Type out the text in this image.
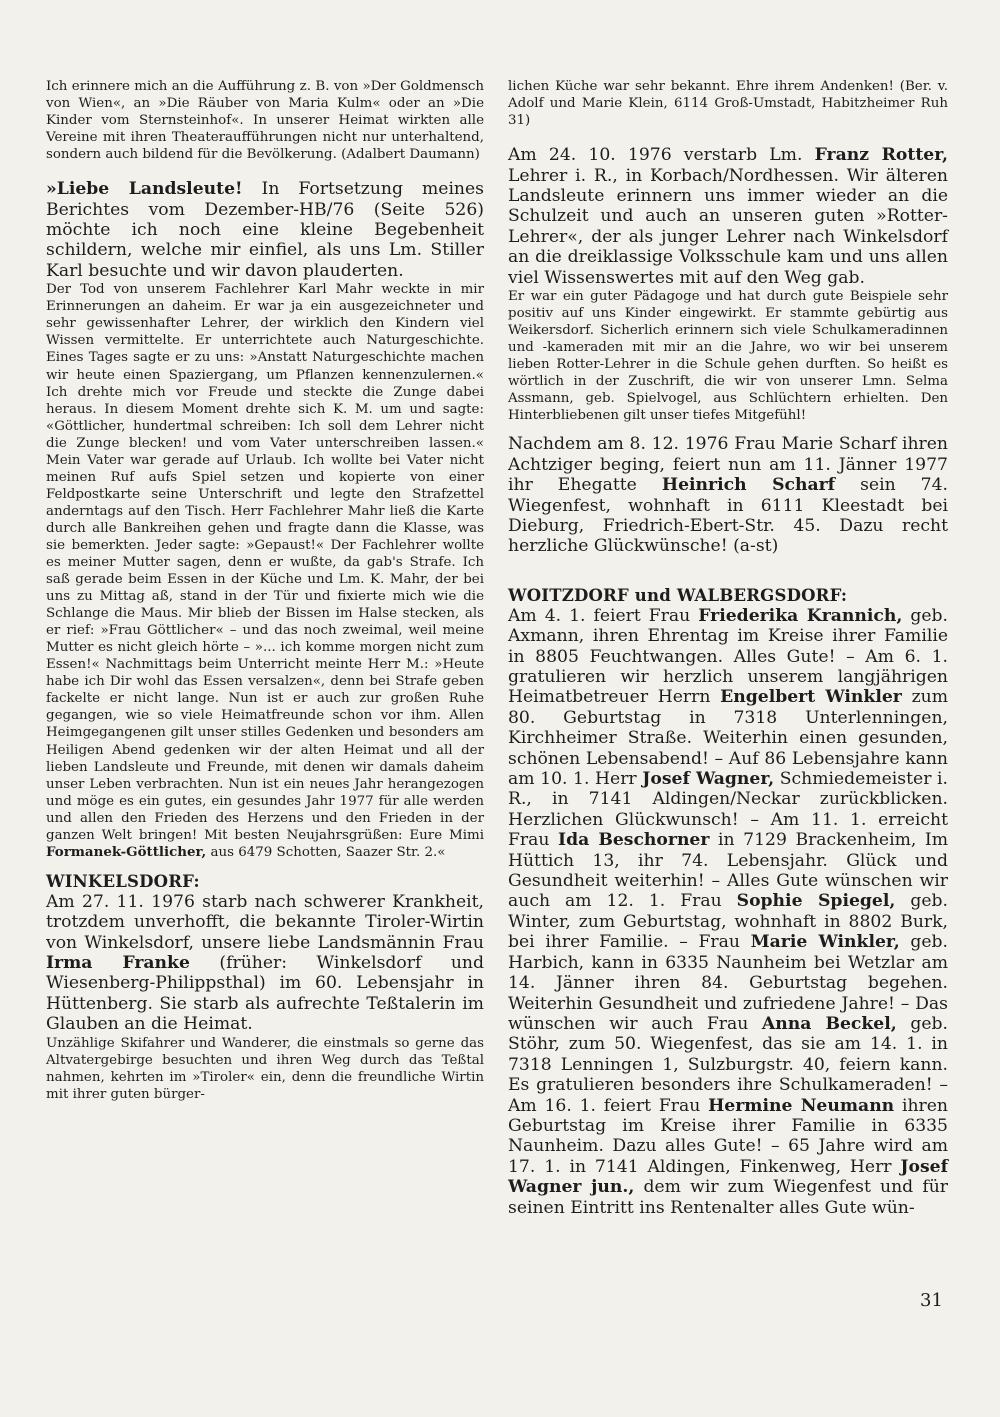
Ich erinnere mich an die Aufführung z. B. von »Der Goldmensch von Wien«, an »Die Räuber von Maria Kulm« oder an »Die Kinder vom Sternsteinhof«. In unserer Heimat wirkten alle Vereine mit ihren Theateraufführungen nicht nur unterhaltend, sondern auch bildend für die Bevölkerung. (Adalbert Daumann)

»Liebe Landsleute! In Fortsetzung meines Berichtes vom Dezember-HB/76 (Seite 526) möchte ich noch eine kleine Begebenheit schildern, welche mir einfiel, als uns Lm. Stiller Karl besuchte und wir davon plauderten.

Der Tod von unserem Fachlehrer Karl Mahr weckte in mir Erinnerungen an daheim. Er war ja ein ausgezeichneter und sehr gewissenhafter Lehrer, der wirklich den Kindern viel Wissen vermittelte. Er unterrichtete auch Naturgeschichte. Eines Tages sagte er zu uns: »Anstatt Naturgeschichte machen wir heute einen Spaziergang, um Pflanzen kennenzulernen.« Ich drehte mich vor Freude und steckte die Zunge dabei heraus. In diesem Moment drehte sich K. M. um und sagte: «Göttlicher, hundertmal schreiben: Ich soll dem Lehrer nicht die Zunge blecken! und vom Vater unterschreiben lassen.« Mein Vater war gerade auf Urlaub. Ich wollte bei Vater nicht meinen Ruf aufs Spiel setzen und kopierte von einer Feldpostkarte seine Unterschrift und legte den Strafzettel anderntags auf den Tisch. Herr Fachlehrer Mahr ließ die Karte durch alle Bankreihen gehen und fragte dann die Klasse, was sie bemerkten. Jeder sagte: »Gepaust!« Der Fachlehrer wollte es meiner Mutter sagen, denn er wußte, da gab's Strafe. Ich saß gerade beim Essen in der Küche und Lm. K. Mahr, der bei uns zu Mittag aß, stand in der Tür und fixierte mich wie die Schlange die Maus. Mir blieb der Bissen im Halse stecken, als er rief: »Frau Göttlicher« – und das noch zweimal, weil meine Mutter es nicht gleich hörte – »... ich komme morgen nicht zum Essen!« Nachmittags beim Unterricht meinte Herr M.: »Heute habe ich Dir wohl das Essen versalzen«, denn bei Strafe geben fackelte er nicht lange. Nun ist er auch zur großen Ruhe gegangen, wie so viele Heimatfreunde schon vor ihm. Allen Heimgegangenen gilt unser stilles Gedenken und besonders am Heiligen Abend gedenken wir der alten Heimat und all der lieben Landsleute und Freunde, mit denen wir damals daheim unser Leben verbrachten. Nun ist ein neues Jahr herangezogen und möge es ein gutes, ein gesundes Jahr 1977 für alle werden und allen den Frieden des Herzens und den Frieden in der ganzen Welt bringen! Mit besten Neujahrsgrüßen: Eure Mimi Formanek-Göttlicher, aus 6479 Schotten, Saazer Str. 2.«

WINKELSDORF:

Am 27. 11. 1976 starb nach schwerer Krankheit, trotzdem unverhofft, die bekannte Tiroler-Wirtin von Winkelsdorf, unsere liebe Landsmännin Frau Irma Franke (früher: Winkelsdorf und Wiesenberg-Philippsthal) im 60. Lebensjahr in Hüttenberg. Sie starb als aufrechte Teßtalerin im Glauben an die Heimat.

Unzählige Skifahrer und Wanderer, die einstmals so gerne das Altvatergebirge besuchten und ihren Weg durch das Teßtal nahmen, kehrten im »Tiroler« ein, denn die freundliche Wirtin mit ihrer guten bürger-

lichen Küche war sehr bekannt. Ehre ihrem Andenken! (Ber. v. Adolf und Marie Klein, 6114 Groß-Umstadt, Habitzheimer Ruh 31)

Am 24. 10. 1976 verstarb Lm. Franz Rotter, Lehrer i. R., in Korbach/Nordhessen. Wir älteren Landsleute erinnern uns immer wieder an die Schulzeit und auch an unseren guten »Rotter-Lehrer«, der als junger Lehrer nach Winkelsdorf an die dreiklassige Volksschule kam und uns allen viel Wissenswertes mit auf den Weg gab.

Er war ein guter Pädagoge und hat durch gute Beispiele sehr positiv auf uns Kinder eingewirkt. Er stammte gebürtig aus Weikersdorf. Sicherlich erinnern sich viele Schulkameradinnen und -kameraden mit mir an die Jahre, wo wir bei unserem lieben Rotter-Lehrer in die Schule gehen durften. So heißt es wörtlich in der Zuschrift, die wir von unserer Lmn. Selma Assmann, geb. Spielvogel, aus Schlüchtern erhielten. Den Hinterbliebenen gilt unser tiefes Mitgefühl!

Nachdem am 8. 12. 1976 Frau Marie Scharf ihren Achtziger beging, feiert nun am 11. Jänner 1977 ihr Ehegatte Heinrich Scharf sein 74. Wiegenfest, wohnhaft in 6111 Kleestadt bei Dieburg, Friedrich-Ebert-Str. 45. Dazu recht herzliche Glückwünsche! (a-st)

WOITZDORF und WALBERGSDORF:

Am 4. 1. feiert Frau Friederika Krannich, geb. Axmann, ihren Ehrentag im Kreise ihrer Familie in 8805 Feuchtwangen. Alles Gute! – Am 6. 1. gratulieren wir herzlich unserem langjährigen Heimatbetreuer Herrn Engelbert Winkler zum 80. Geburtstag in 7318 Unterlenningen, Kirchheimer Straße. Weiterhin einen gesunden, schönen Lebensabend! – Auf 86 Lebensjahre kann am 10. 1. Herr Josef Wagner, Schmiedemeister i. R., in 7141 Aldingen/Neckar zurückblicken. Herzlichen Glückwunsch! – Am 11. 1. erreicht Frau Ida Beschorner in 7129 Brackenheim, Im Hüttich 13, ihr 74. Lebensjahr. Glück und Gesundheit weiterhin! – Alles Gute wünschen wir auch am 12. 1. Frau Sophie Spiegel, geb. Winter, zum Geburtstag, wohnhaft in 8802 Burk, bei ihrer Familie. – Frau Marie Winkler, geb. Harbich, kann in 6335 Naunheim bei Wetzlar am 14. Jänner ihren 84. Geburtstag begehen. Weiterhin Gesundheit und zufriedene Jahre! – Das wünschen wir auch Frau Anna Beckel, geb. Stöhr, zum 50. Wiegenfest, das sie am 14. 1. in 7318 Lenningen 1, Sulzburgstr. 40, feiern kann. Es gratulieren besonders ihre Schulkameraden! – Am 16. 1. feiert Frau Hermine Neumann ihren Geburtstag im Kreise ihrer Familie in 6335 Naunheim. Dazu alles Gute! – 65 Jahre wird am 17. 1. in 7141 Aldingen, Finkenweg, Herr Josef Wagner jun., dem wir zum Wiegenfest und für seinen Eintritt ins Rentenalter alles Gute wün-

31
